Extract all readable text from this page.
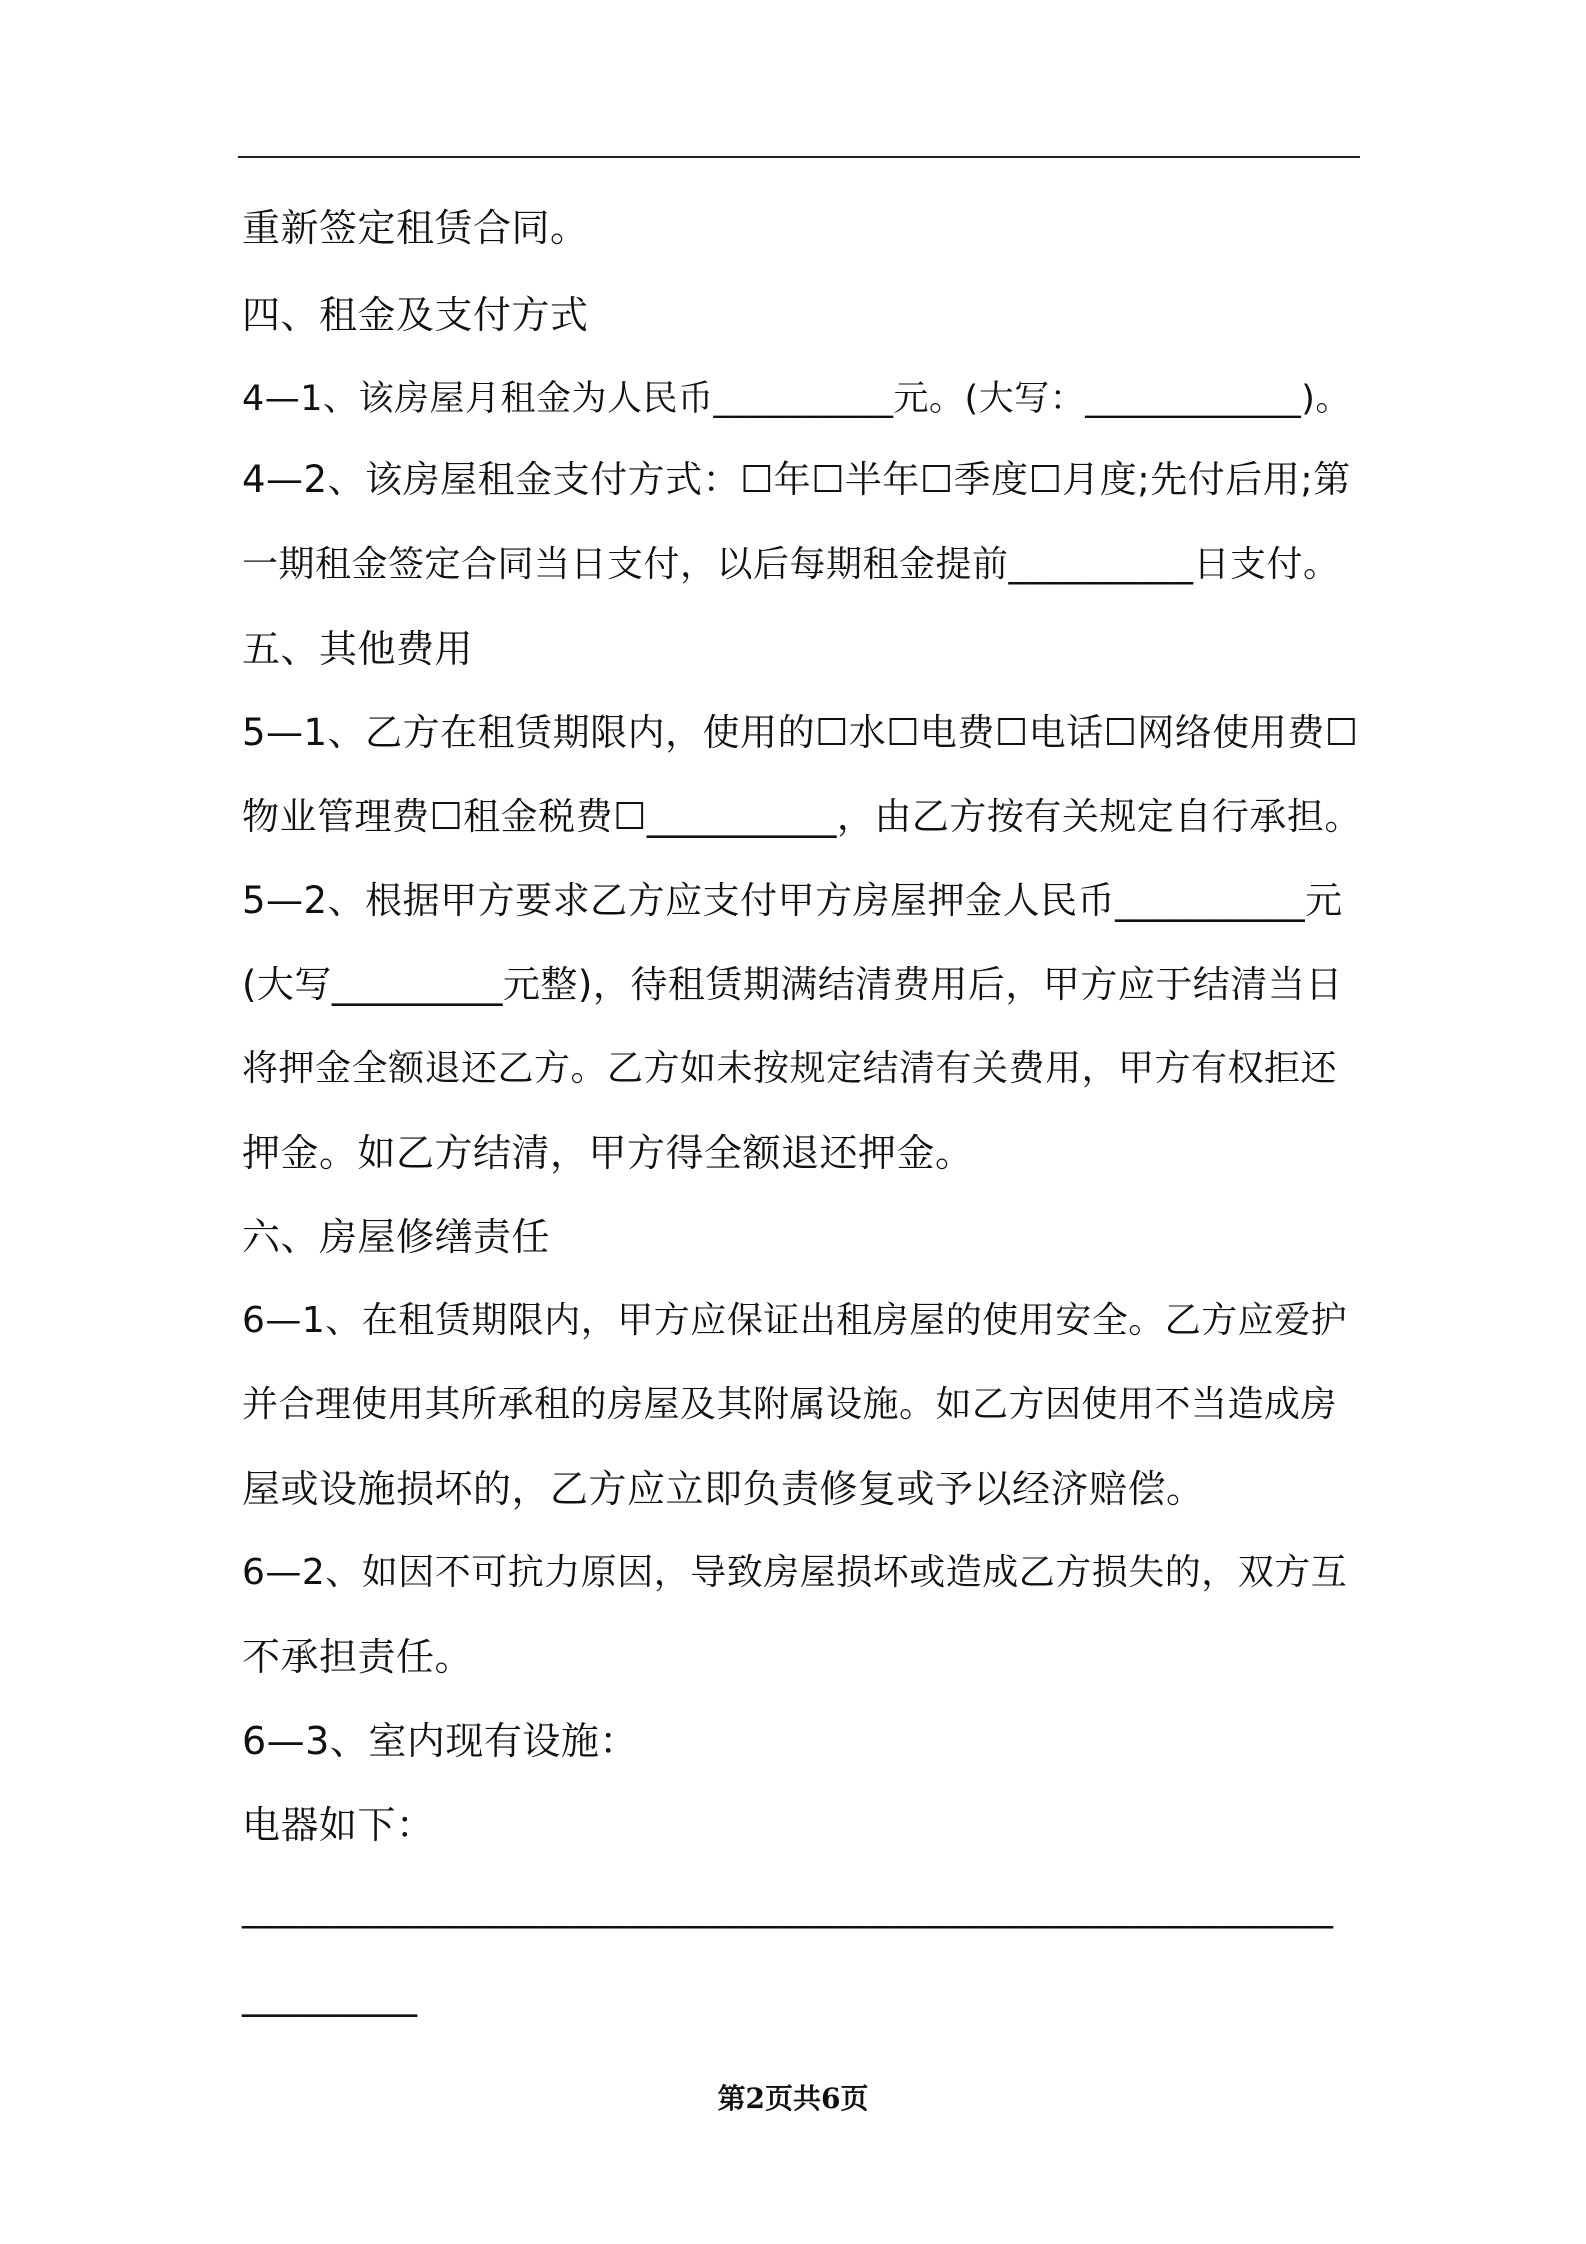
重新签定租赁合同。
四、租金及支付方式
4—1、该房屋月租金为人民币__________元。(大写：____________)。
4—2、该房屋租金支付方式：☐年☐半年☐季度☐月度;先付后用;第
一期租金签定合同当日支付，以后每期租金提前__________日支付。
五、其他费用
5—1、乙方在租赁期限内，使用的☐水☐电费☐电话☐网络使用费☐
物业管理费☐租金税费☐__________，由乙方按有关规定自行承担。
5—2、根据甲方要求乙方应支付甲方房屋押金人民币__________元
(大写_________元整)，待租赁期满结清费用后，甲方应于结清当日
将押金全额退还乙方。乙方如未按规定结清有关费用，甲方有权拒还
押金。如乙方结清，甲方得全额退还押金。
六、房屋修缮责任
6—1、在租赁期限内，甲方应保证出租房屋的使用安全。乙方应爱护
并合理使用其所承租的房屋及其附属设施。如乙方因使用不当造成房
屋或设施损坏的，乙方应立即负责修复或予以经济赔偿。
6—2、如因不可抗力原因，导致房屋损坏或造成乙方损失的，双方互
不承担责任。
6—3、室内现有设施：
电器如下：
___________________________________________________________
_________
第2页共6页
